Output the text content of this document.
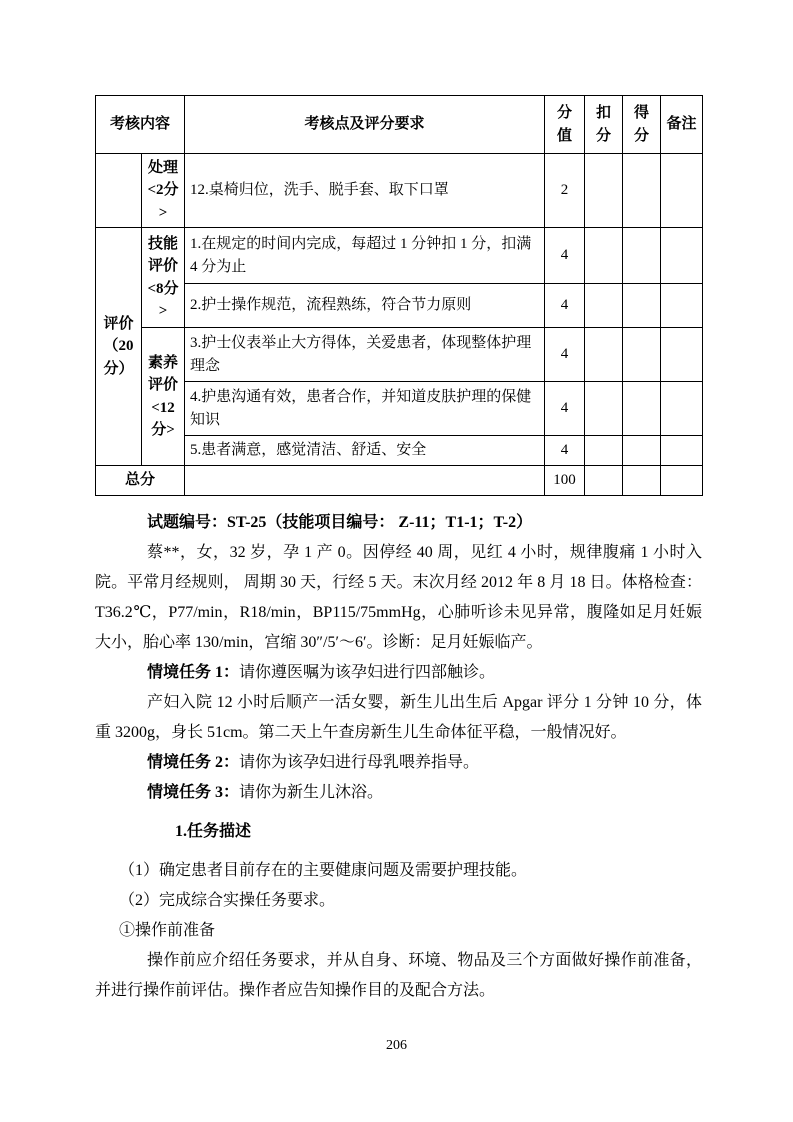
考核内容		考核点及评分要求	分值	扣分	得分	备注
	处理<2分>	12.桌椅归位，洗手、脱手套、取下口罩	2			
评价（20分）	技能评价<8分>	1.在规定的时间内完成，每超过 1 分钟扣 1 分，扣满 4 分为止	4			
		2.护士操作规范，流程熟练，符合节力原则	4			
	素养评价<12分>	3.护士仪表举止大方得体，关爱患者，体现整体护理理念	4			
		4.护患沟通有效，患者合作，并知道皮肤护理的保健知识	4			
		5.患者满意，感觉清洁、舒适、安全	4			
总分			100			

试题编号：ST-25（技能项目编号： Z-11；T1-1；T-2）

蔡**，女，32 岁，孕 1 产 0。因停经 40 周，见红 4 小时，规律腹痛 1 小时入院。平常月经规则， 周期 30 天，行经 5 天。末次月经 2012 年 8 月 18 日。体格检查：T36.2℃，P77/min，R18/min，BP115/75mmHg，心肺听诊未见异常，腹隆如足月妊娠大小，胎心率 130/min，宫缩 30″/5′～6′。诊断：足月妊娠临产。

情境任务 1：请你遵医嘱为该孕妇进行四部触诊。

产妇入院 12 小时后顺产一活女婴，新生儿出生后 Apgar 评分 1 分钟 10 分，体重 3200g，身长 51cm。第二天上午查房新生儿生命体征平稳，一般情况好。

情境任务 2：请你为该孕妇进行母乳喂养指导。

情境任务 3：请你为新生儿沐浴。

1.任务描述

（1）确定患者目前存在的主要健康问题及需要护理技能。

（2）完成综合实操任务要求。

①操作前准备

操作前应介绍任务要求，并从自身、环境、物品及三个方面做好操作前准备，并进行操作前评估。操作者应告知操作目的及配合方法。

206
